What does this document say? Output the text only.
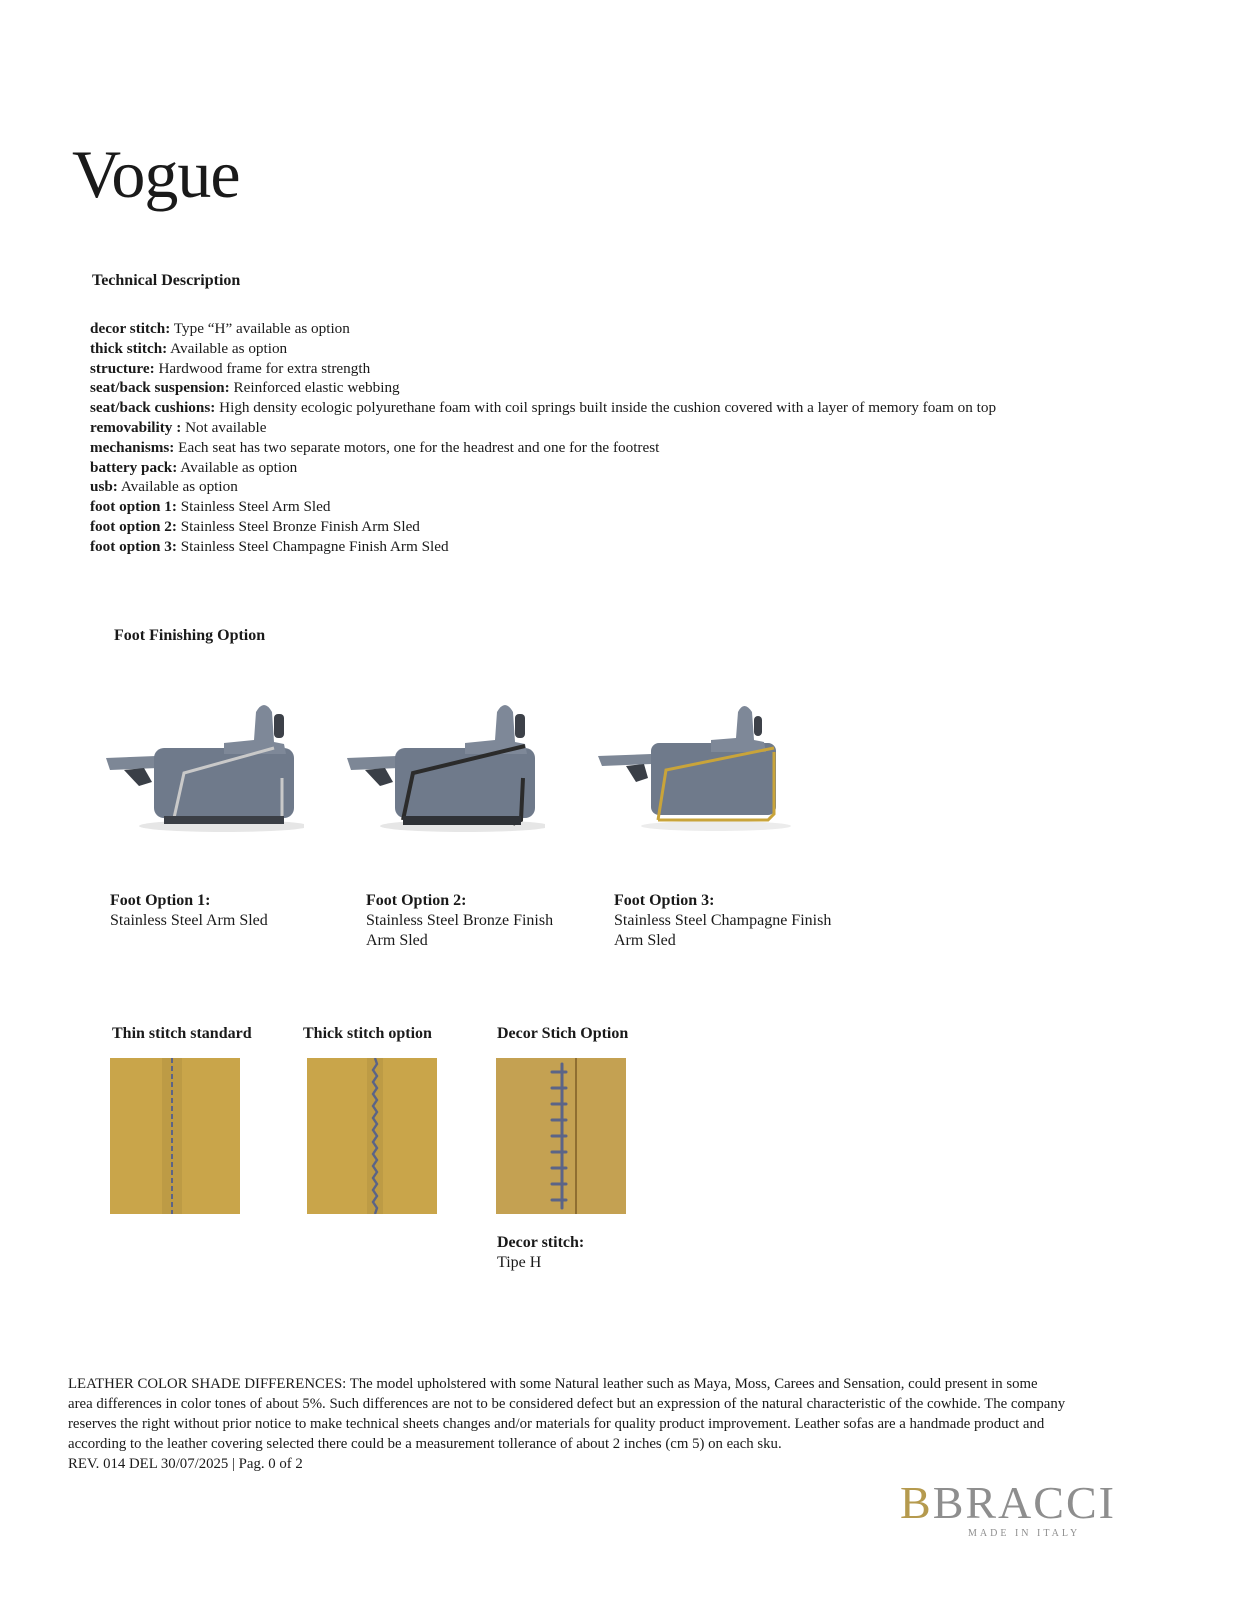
Vogue
Technical Description
decor stitch: Type “H” available as option
thick stitch: Available as option
structure: Hardwood frame for extra strength
seat/back suspension: Reinforced elastic webbing
seat/back cushions: High density ecologic polyurethane foam with coil springs built inside the cushion covered with a layer of memory foam on top
removability : Not available
mechanisms: Each seat has two separate motors, one for the headrest and one for the footrest
battery pack: Available as option
usb: Available as option
foot option 1: Stainless Steel Arm Sled
foot option 2: Stainless Steel Bronze Finish Arm Sled
foot option 3: Stainless Steel Champagne Finish Arm Sled
Foot Finishing Option
Foot Option 1:
Stainless Steel Arm Sled
Foot Option 2:
Stainless Steel Bronze Finish
Arm Sled
Foot Option 3:
Stainless Steel Champagne Finish
Arm Sled
Thin stitch standard	Thick stitch option	Decor Stich Option
Decor stitch:
Tipe H
LEATHER COLOR SHADE DIFFERENCES: The model upholstered with some Natural leather such as Maya, Moss, Carees and Sensation, could present in some
area differences in color tones of about 5%. Such differences are not to be considered defect but an expression of the natural characteristic of the cowhide. The company
reserves the right without prior notice to make technical sheets changes and/or materials for quality product improvement. Leather sofas are a handmade product and
according to the leather covering selected there could be a measurement tollerance of about 2 inches (cm 5) on each sku.
REV. 014 DEL 30/07/2025 | Pag. 0 of 2
BBRACCI
MADE IN ITALY
